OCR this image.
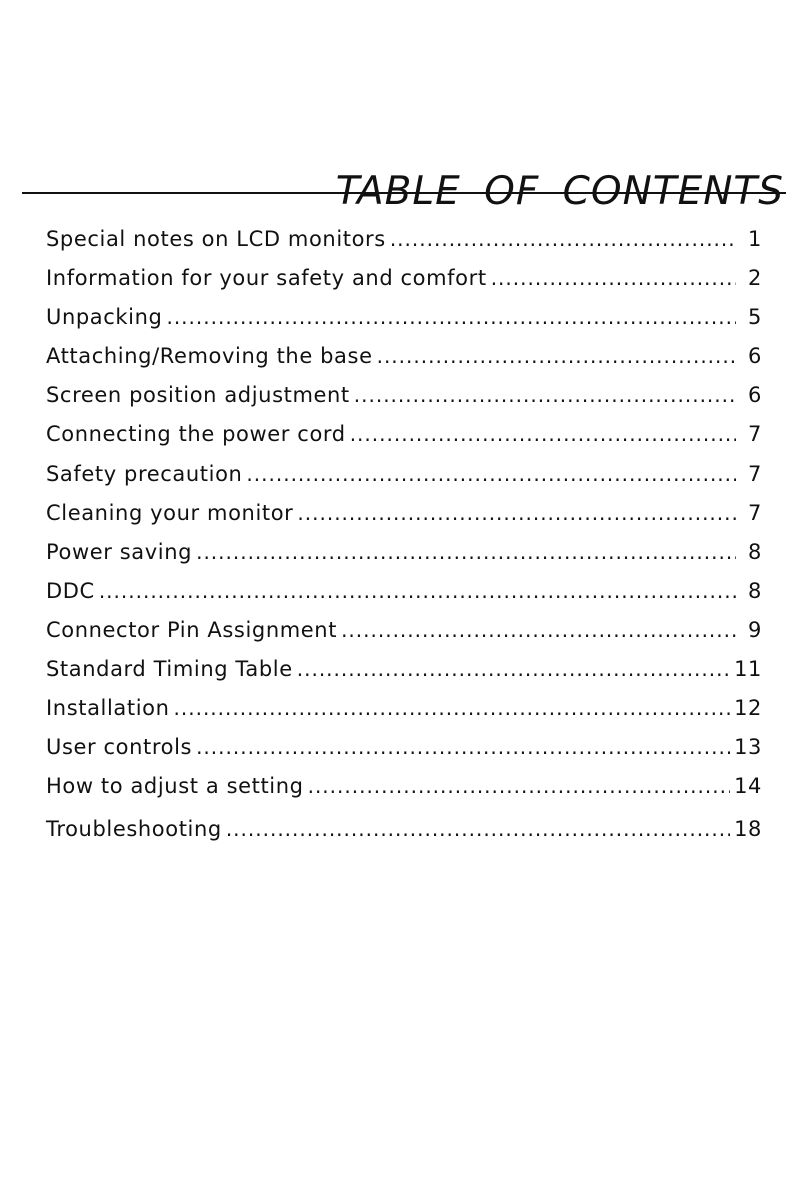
TABLE OF CONTENTS
Special notes on LCD monitors .....	1
Information for your safety and comfort .....	2
Unpacking .....	5
Attaching/Removing the base .....	6
Screen position adjustment .....	6
Connecting the power cord .....	7
Safety precaution .....	7
Cleaning your monitor .....	7
Power saving .....	8
DDC .....	8
Connector Pin Assignment .....	9
Standard Timing Table .....	11
Installation .....	12
User controls .....	13
How to adjust a setting .....	14
Troubleshooting .....	18
